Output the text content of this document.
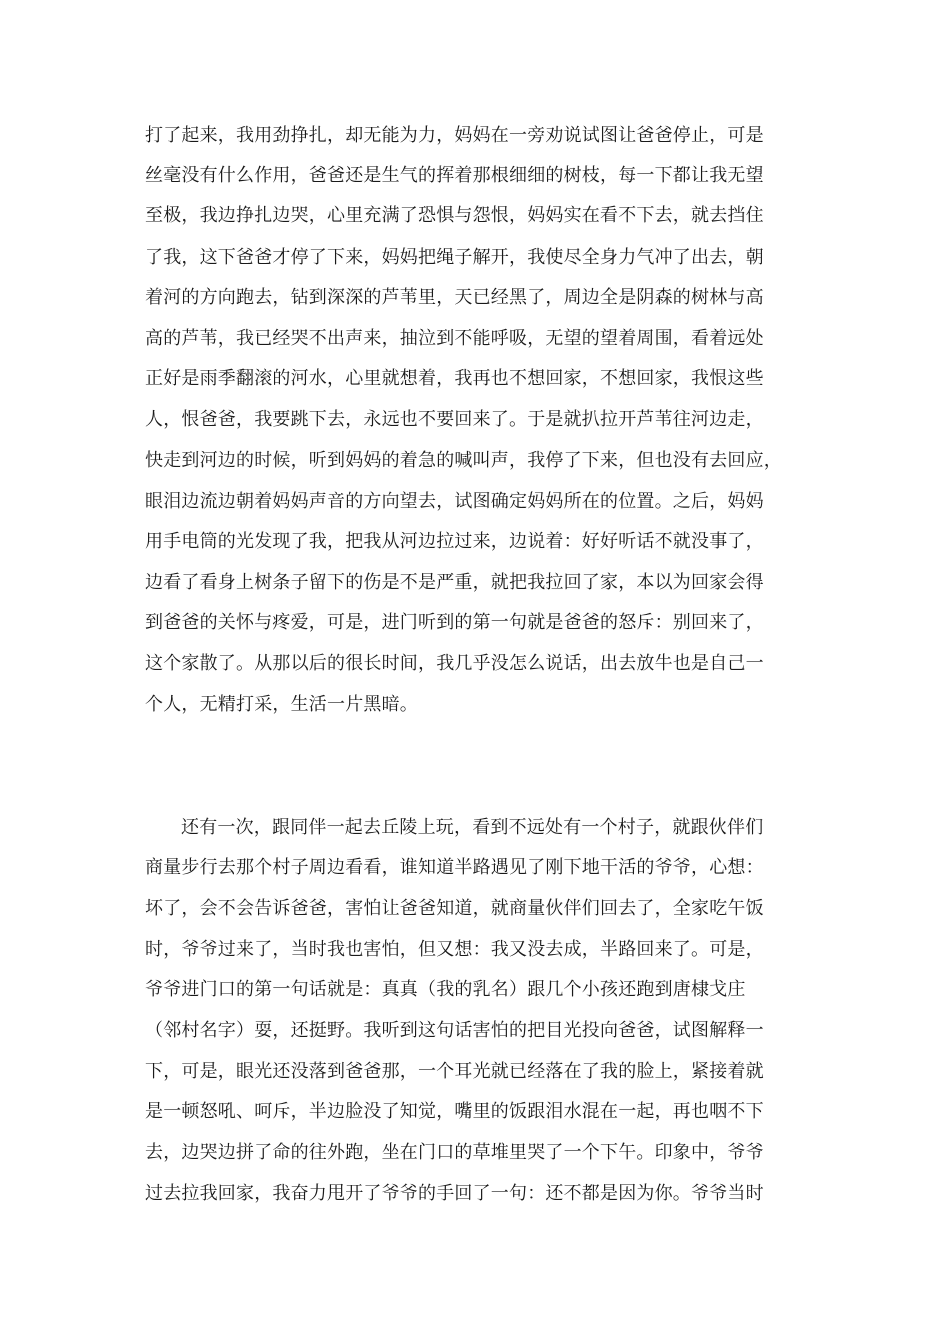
打了起来，我用劲挣扎，却无能为力，妈妈在一旁劝说试图让爸爸停止，可是
丝毫没有什么作用，爸爸还是生气的挥着那根细细的树枝，每一下都让我无望
至极，我边挣扎边哭，心里充满了恐惧与怨恨，妈妈实在看不下去，就去挡住
了我，这下爸爸才停了下来，妈妈把绳子解开，我使尽全身力气冲了出去，朝
着河的方向跑去，钻到深深的芦苇里，天已经黑了，周边全是阴森的树林与高
高的芦苇，我已经哭不出声来，抽泣到不能呼吸，无望的望着周围，看着远处
正好是雨季翻滚的河水，心里就想着，我再也不想回家，不想回家，我恨这些
人，恨爸爸，我要跳下去，永远也不要回来了。于是就扒拉开芦苇往河边走，
快走到河边的时候，听到妈妈的着急的喊叫声，我停了下来，但也没有去回应，
眼泪边流边朝着妈妈声音的方向望去，试图确定妈妈所在的位置。之后，妈妈
用手电筒的光发现了我，把我从河边拉过来，边说着：好好听话不就没事了，
边看了看身上树条子留下的伤是不是严重，就把我拉回了家，本以为回家会得
到爸爸的关怀与疼爱，可是，进门听到的第一句就是爸爸的怒斥：别回来了，
这个家散了。从那以后的很长时间，我几乎没怎么说话，出去放牛也是自己一
个人，无精打采，生活一片黑暗。
还有一次，跟同伴一起去丘陵上玩，看到不远处有一个村子，就跟伙伴们
商量步行去那个村子周边看看，谁知道半路遇见了刚下地干活的爷爷，心想：
坏了，会不会告诉爸爸，害怕让爸爸知道，就商量伙伴们回去了，全家吃午饭
时，爷爷过来了，当时我也害怕，但又想：我又没去成，半路回来了。可是，
爷爷进门口的第一句话就是：真真（我的乳名）跟几个小孩还跑到唐棣戈庄
（邻村名字）耍，还挺野。我听到这句话害怕的把目光投向爸爸，试图解释一
下，可是，眼光还没落到爸爸那，一个耳光就已经落在了我的脸上，紧接着就
是一顿怒吼、呵斥，半边脸没了知觉，嘴里的饭跟泪水混在一起，再也咽不下
去，边哭边拼了命的往外跑，坐在门口的草堆里哭了一个下午。印象中，爷爷
过去拉我回家，我奋力甩开了爷爷的手回了一句：还不都是因为你。爷爷当时
